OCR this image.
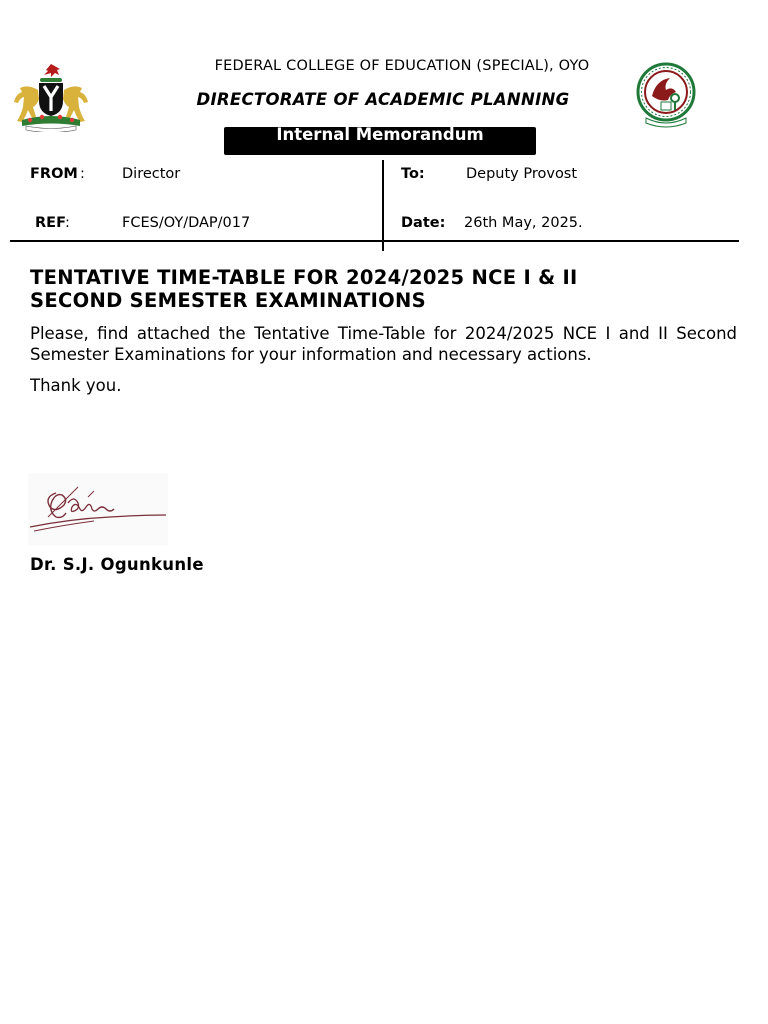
FEDERAL COLLEGE OF EDUCATION (SPECIAL), OYO
DIRECTORATE OF ACADEMIC PLANNING
Internal Memorandum
FROM :	Director	To:	Deputy Provost
REF :	FCES/OY/DAP/017	Date: 26th May, 2025.
TENTATIVE TIME-TABLE FOR 2024/2025 NCE I & II
SECOND SEMESTER EXAMINATIONS
Please, find attached the Tentative Time-Table for 2024/2025 NCE I and II Second Semester Examinations for your information and necessary actions.
Thank you.
Dr. S.J. Ogunkunle
